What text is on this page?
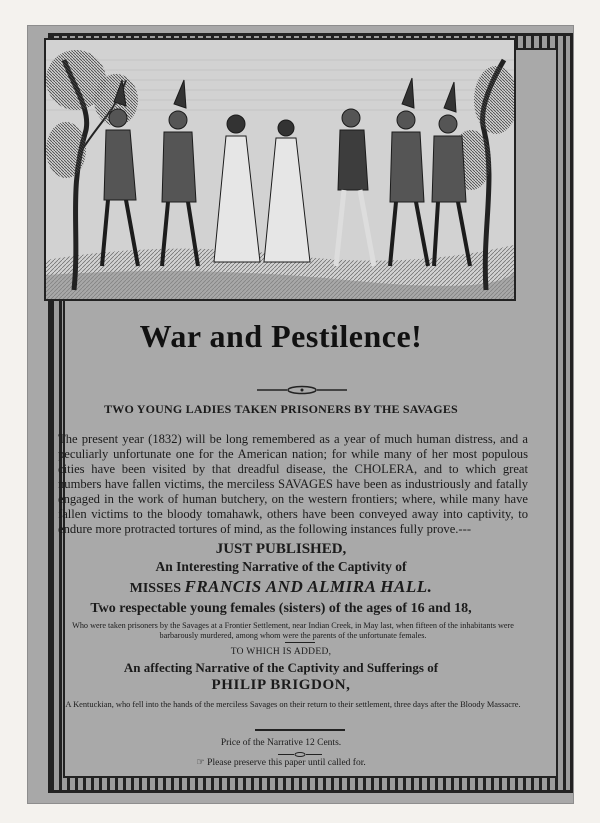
War and Pestilence!
TWO YOUNG LADIES TAKEN PRISONERS BY THE SAVAGES
The present year (1832) will be long remembered as a year of much human distress, and a peculiarly unfortunate one for the American nation; for while many of her most populous cities have been visited by that dreadful disease, the CHOLERA, and to which great numbers have fallen victims, the merciless SAVAGES have been as industriously and fatally engaged in the work of human butchery, on the western frontiers; where, while many have fallen victims to the bloody tomahawk, others have been conveyed away into captivity, to endure more protracted tortures of mind, as the following instances fully prove.---
JUST PUBLISHED,
An Interesting Narrative of the Captivity of
MISSES FRANCIS AND ALMIRA HALL.
Two respectable young females (sisters) of the ages of 16 and 18,
Who were taken prisoners by the Savages at a Frontier Settlement, near Indian Creek, in May last, when fifteen of the inhabitants were barbarously murdered, among whom were the parents of the unfortunate females.
TO WHICH IS ADDED,
An affecting Narrative of the Captivity and Sufferings of
PHILIP BRIGDON,
A Kentuckian, who fell into the hands of the merciless Savages on their return to their settlement, three days after the Bloody Massacre.
Price of the Narrative 12 Cents.
☞ Please preserve this paper until called for.
